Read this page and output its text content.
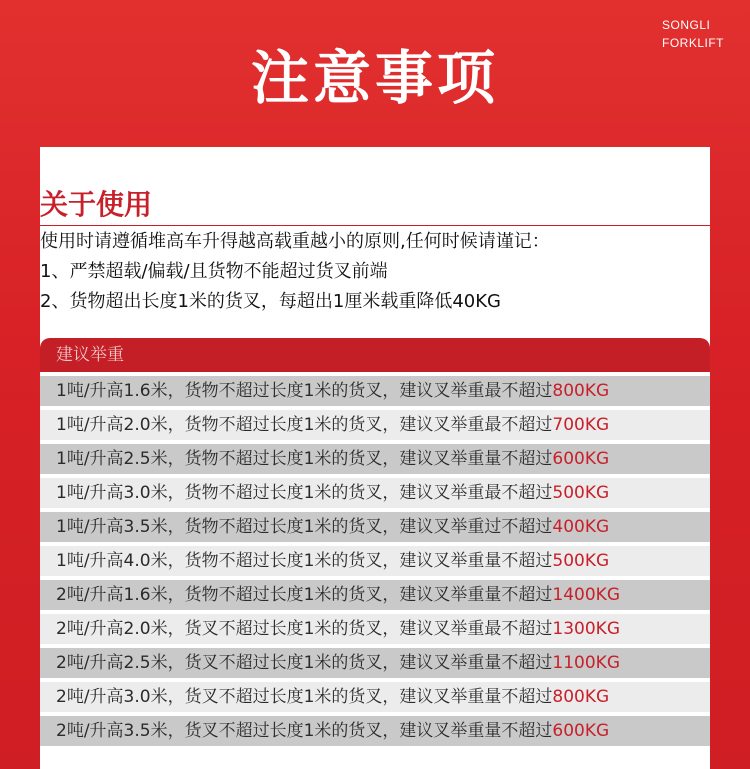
SONGLI
FORKLIFT
注意事项
关于使用
使用时请遵循堆高车升得越高载重越小的原则,任何时候请谨记：
1、严禁超载/偏载/且货物不能超过货叉前端
2、货物超出长度1米的货叉，每超出1厘米载重降低40KG
建议举重
1吨/升高1.6米，货物不超过长度1米的货叉，建议叉举重最不超过800KG
1吨/升高2.0米，货物不超过长度1米的货叉，建议叉举重最不超过700KG
1吨/升高2.5米，货物不超过长度1米的货叉，建议叉举重量不超过600KG
1吨/升高3.0米，货物不超过长度1米的货叉，建议叉举重最不超过500KG
1吨/升高3.5米，货物不超过长度1米的货叉，建议叉举重过不超过400KG
1吨/升高4.0米，货物不超过长度1米的货叉，建议叉举重量不超过500KG
2吨/升高1.6米，货物不超过长度1米的货叉，建议叉举重量不超过1400KG
2吨/升高2.0米，货叉不超过长度1米的货叉，建议叉举重最不超过1300KG
2吨/升高2.5米，货叉不超过长度1米的货叉，建议叉举重量不超过1100KG
2吨/升高3.0米，货叉不超过长度1米的货叉，建议叉举重量不超过800KG
2吨/升高3.5米，货叉不超过长度1米的货叉，建议叉举重量不超过600KG
